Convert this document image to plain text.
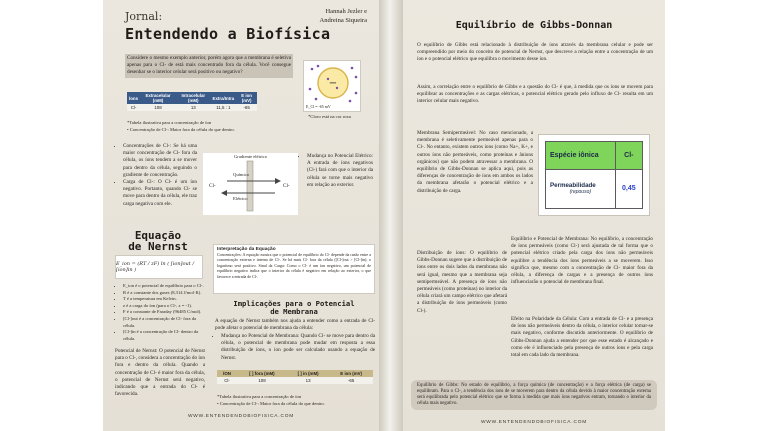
Jornal:
Entendendo a Biofísica
Hannah Jezler e
Andreina Siqueira
Considere o mesmo exemplo anterior, porém agora que a membrana é seletiva apenas para o Cl- de está mais concentrado fora da célula. Você consegue desenhar se o interior celular será positivo ou negativo?
Íons	Extracelular (mM)	Intracelular (mM)	Extra/Intra	E ion (mV)
Cl-	108	13	11,5 : 1	-65
*Tabela ilustrativa para a concentração de íon
• Concentração de Cl-: Maior fora da célula do que dentro.
−
E_Cl = -65 mV
*Cloro está na cor roxa
• Concentrações de Cl-: Se há uma maior concentração de Cl- fora da célula, os íons tendem a se mover para dentro da célula, seguindo o gradiente de concentração.
• Carga de Cl-: O Cl- é um íon negativo. Portanto, quando Cl- se move para dentro da célula, ele traz carga negativa com ele.
Gradiente elétrico
Químico
Elétrico
Cl-	Cl-
• Mudança no Potencial Elétrico: A entrada de íons negativos (Cl-) fará com que o interior da célula se torne mais negativo em relação ao exterior.
Equação
de Nernst
E_ion = (RT / zF) ln ( [ion]out / [ion]in )
• E_ion é o potencial de equilíbrio para o Cl-.
• R é a constante dos gases (8,314 J/mol·K).
• T é a temperatura em Kelvin.
• z é a carga do íon (para o Cl-, z = -1).
• F é a constante de Faraday (96485 C/mol).
• [Cl-]out é a concentração de Cl- fora da célula.
• [Cl-]in é a concentração de Cl- dentro da célula.
Potencial de Nernst: O potencial de Nernst para o Cl-, considera a concentração do íon fora e dentro da célula. Quando a concentração de Cl- é maior fora da célula, o potencial de Nernst será negativo, indicando que a entrada do Cl- é favorecida.
Interpretação da Equação
Concentrações: A equação mostra que o potencial de equilíbrio do Cl- depende da razão entre a concentração externa e interna de Cl-. Se há mais Cl- fora da célula ([Cl-]out > [Cl-]in), o logaritmo será positivo. Sinal da Carga: Como o Cl- é um íon negativo, um potencial de equilíbrio negativo indica que o interior da célula é negativo em relação ao exterior, o que favorece a entrada de Cl-.
Implicações para o Potencial
de Membrana
A equação de Nernst também nos ajuda a entender como a entrada de Cl- pode afetar o potencial de membrana da célula:
• Mudança no Potencial de Membrana: Quando Cl- se move para dentro da célula, o potencial de membrana pode mudar em resposta a essa distribuição de íons, o íon pode ser calculado usando a equação de Nernst.
ÍON	[ ] fora (mM)	[ ] in (mM)	E ion (mV)
Cl-	108	13	-65
*Tabela ilustrativa para a concentração de íon
• Concentração de Cl-: Maior fora da célula do que dentro.
WWW.ENTENDENDOBIOFISICA.COM
Equilíbrio de Gibbs-Donnan
O equilíbrio de Gibbs está relacionado à distribuição de íons através da membrana celular e pode ser compreendido por meio do conceito de potencial de Nernst, que descreve a relação entre a concentração de um íon e o potencial elétrico que equilibra o movimento desse íon.
Assim, a correlação entre o equilíbrio de Gibbs e a questão do Cl- é que, à medida que os íons se movem para equilibrar as concentrações e as cargas elétricas, o potencial elétrico gerado pelo influxo de Cl- resulta em um interior celular mais negativo.
Membrana Semipermeável: No caso mencionado, a membrana é seletivamente permeável apenas para o Cl-. No entanto, existem outros íons (como Na+, K+, e outros íons não permeáveis, como proteínas e ânions orgânicos) que não podem atravessar a membrana. O equilíbrio de Gibbs-Donnan se aplica aqui, pois as diferenças de concentração de íons em ambos os lados da membrana afetarão o potencial elétrico e a distribuição de carga.
Espécie iônica	Cl-

Permeabilidade
(repouso)	0,45
Distribuição de íons: O equilíbrio de Gibbs-Donnan sugere que a distribuição de íons entre os dois lados da membrana não será igual, mesmo que a membrana seja semipermeável. A presença de íons não permeáveis (como proteínas) no interior da célula criará um campo elétrico que afetará a distribuição de íons permeáveis (como Cl-).
Equilíbrio e Potencial de Membrana: No equilíbrio, a concentração de íons permeáveis (como Cl-) será ajustada de tal forma que o potencial elétrico criado pela carga dos íons não permeáveis equilibre a tendência dos íons permeáveis a se moverem. Isso significa que, mesmo com a concentração de Cl- maior fora da célula, a diferença de cargas e a presença de outros íons influenciarão o potencial de membrana final.
Efeito na Polaridade da Célula: Com a entrada de Cl- e a presença de íons não permeáveis dentro da célula, o interior celular tornar-se mais negativo, conforme discutido anteriormente. O equilíbrio de Gibbs-Donnan ajuda a entender por que esse estado é alcançado e como ele é influenciado pela presença de outros íons e pela carga total em cada lado da membrana.
Equilíbrio de Gibbs: No estado de equilíbrio, a força química (de concentração) e a força elétrica (de carga) se equilibram. Para o Cl-, a tendência dos íons de se moverem para dentro da célula devido à maior concentração externa será equilibrada pelo potencial elétrico que se forma à medida que mais íons negativos entram, tornando o interior da célula mais negativo.
WWW.ENTENDENDOBIOFISICA.COM
